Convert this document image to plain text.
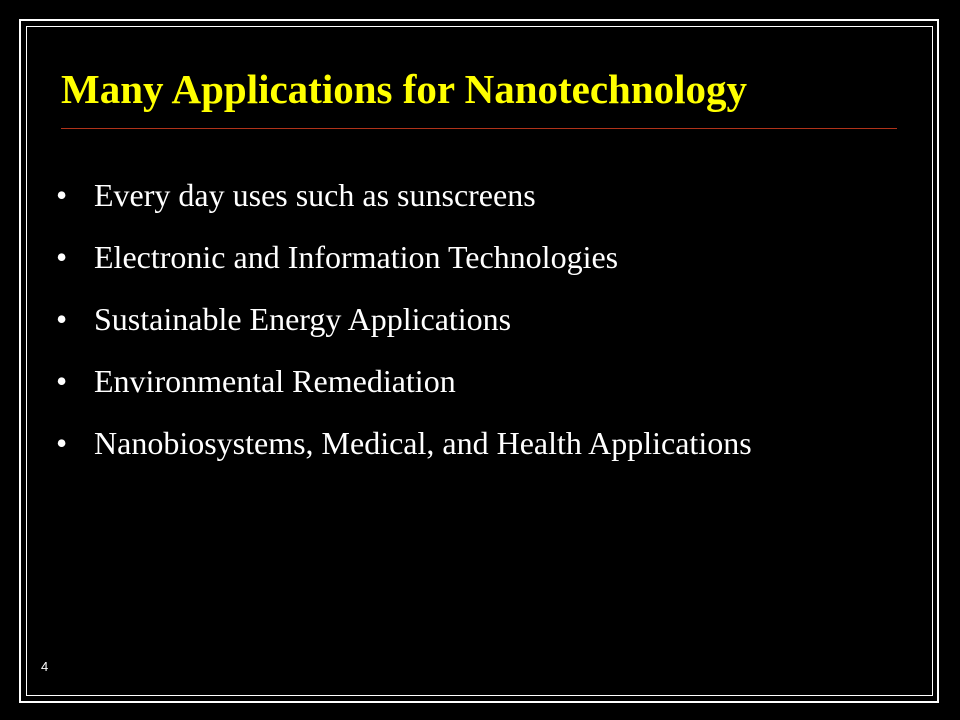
Many Applications for Nanotechnology
• Every day uses such as sunscreens
• Electronic and Information Technologies
• Sustainable Energy Applications
• Environmental Remediation
• Nanobiosystems, Medical, and Health Applications
4
